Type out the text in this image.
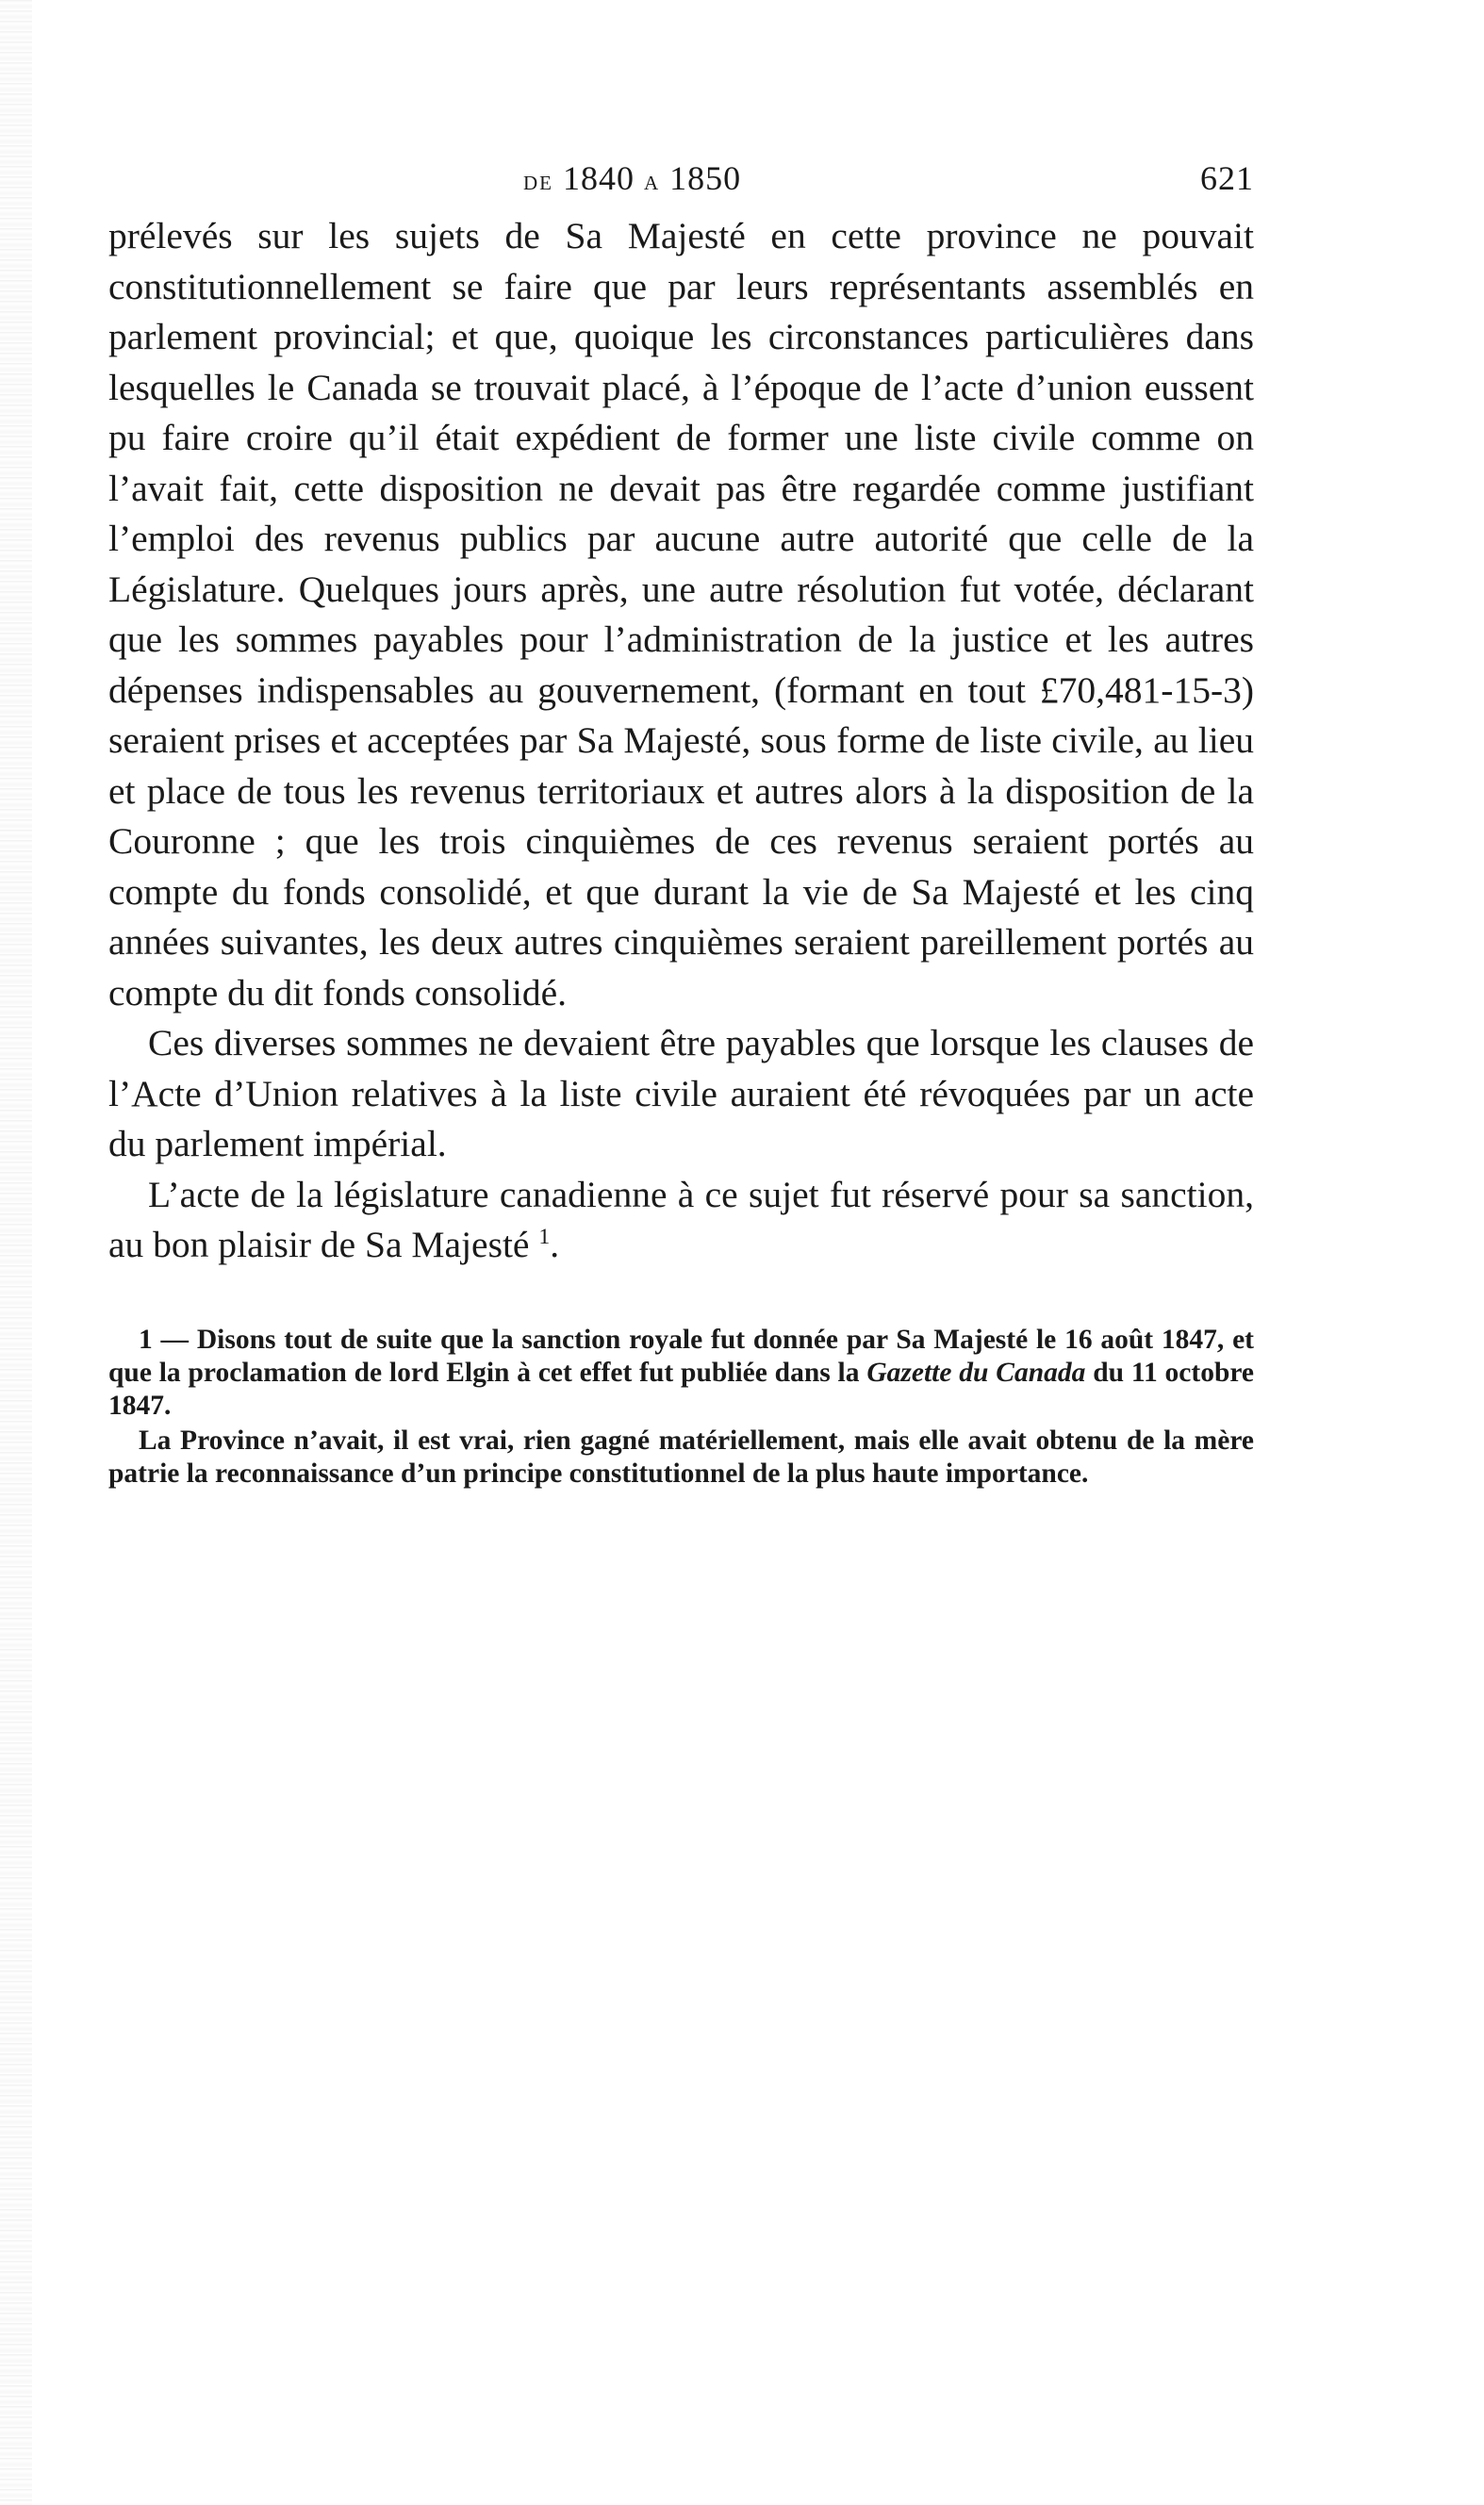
de 1840 a 1850	621

prélevés sur les sujets de Sa Majesté en cette province ne pouvait constitutionnellement se faire que par leurs représentants assemblés en parlement provincial; et que, quoique les circonstances particulières dans lesquelles le Canada se trouvait placé, à l’époque de l’acte d’union eussent pu faire croire qu’il était expédient de former une liste civile comme on l’avait fait, cette disposition ne devait pas être regardée comme justifiant l’emploi des revenus publics par aucune autre autorité que celle de la Législature. Quelques jours après, une autre résolution fut votée, déclarant que les sommes payables pour l’administration de la justice et les autres dépenses indispensables au gouvernement, (formant en tout £70,481-15-3) seraient prises et acceptées par Sa Majesté, sous forme de liste civile, au lieu et place de tous les revenus territoriaux et autres alors à la disposition de la Couronne ; que les trois cinquièmes de ces revenus seraient portés au compte du fonds consolidé, et que durant la vie de Sa Majesté et les cinq années suivantes, les deux autres cinquièmes seraient pareillement portés au compte du dit fonds consolidé.

Ces diverses sommes ne devaient être payables que lorsque les clauses de l’Acte d’Union relatives à la liste civile auraient été révoquées par un acte du parlement impérial.

L’acte de la législature canadienne à ce sujet fut réservé pour sa sanction, au bon plaisir de Sa Majesté $^1$.

1 — Disons tout de suite que la sanction royale fut donnée par Sa Majesté le 16 août 1847, et que la proclamation de lord Elgin à cet effet fut publiée dans la Gazette du Canada du 11 octobre 1847.

La Province n’avait, il est vrai, rien gagné matériellement, mais elle avait obtenu de la mère patrie la reconnaissance d’un principe constitutionnel de la plus haute importance.
